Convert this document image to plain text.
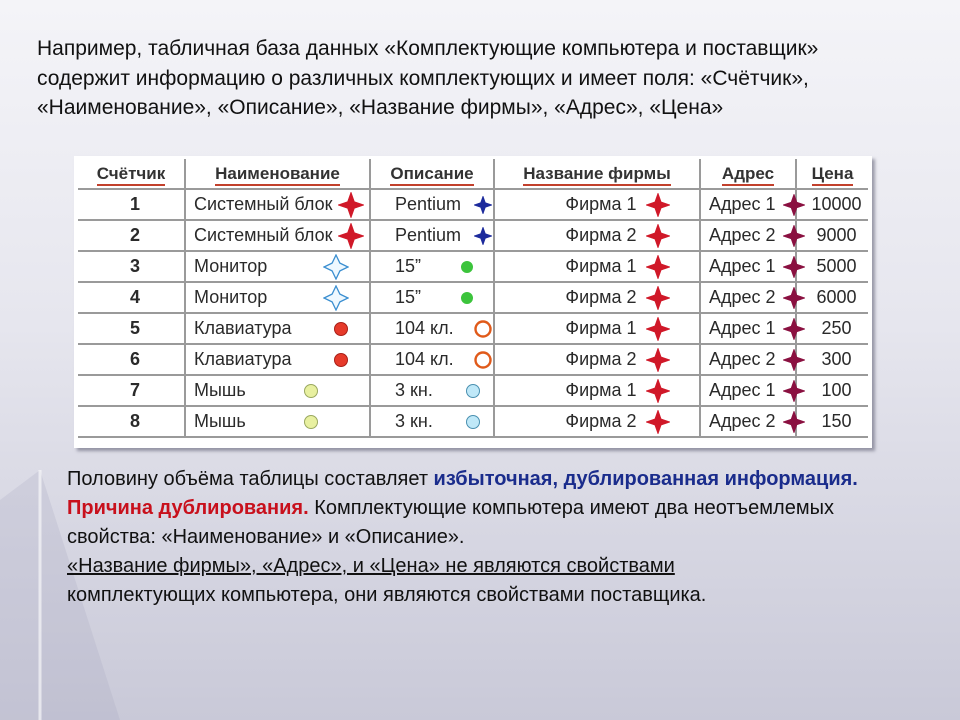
Например, табличная база данных «Комплектующие компьютера и поставщик» содержит информацию о различных комплектующих и имеет поля: «Счётчик», «Наименование», «Описание», «Название фирмы», «Адрес», «Цена»
Счётчик	Наименование	Описание	Название фирмы	Адрес	Цена
1	Системный блок	Pentium	Фирма 1	Адрес 1	10000
2	Системный блок	Pentium	Фирма 2	Адрес 2	9000
3	Монитор	15”	Фирма 1	Адрес 1	5000
4	Монитор	15”	Фирма 2	Адрес 2	6000
5	Клавиатура	104 кл.	Фирма 1	Адрес 1	250
6	Клавиатура	104 кл.	Фирма 2	Адрес 2	300
7	Мышь	3 кн.	Фирма 1	Адрес 1	100
8	Мышь	3 кн.	Фирма 2	Адрес 2	150
Половину объёма таблицы составляет избыточная, дублированная информация.
Причина дублирования. Комплектующие компьютера имеют два неотъемлемых свойства: «Наименование» и «Описание».
«Название фирмы», «Адрес», и «Цена» не являются свойствами
комплектующих компьютера, они являются свойствами поставщика.
